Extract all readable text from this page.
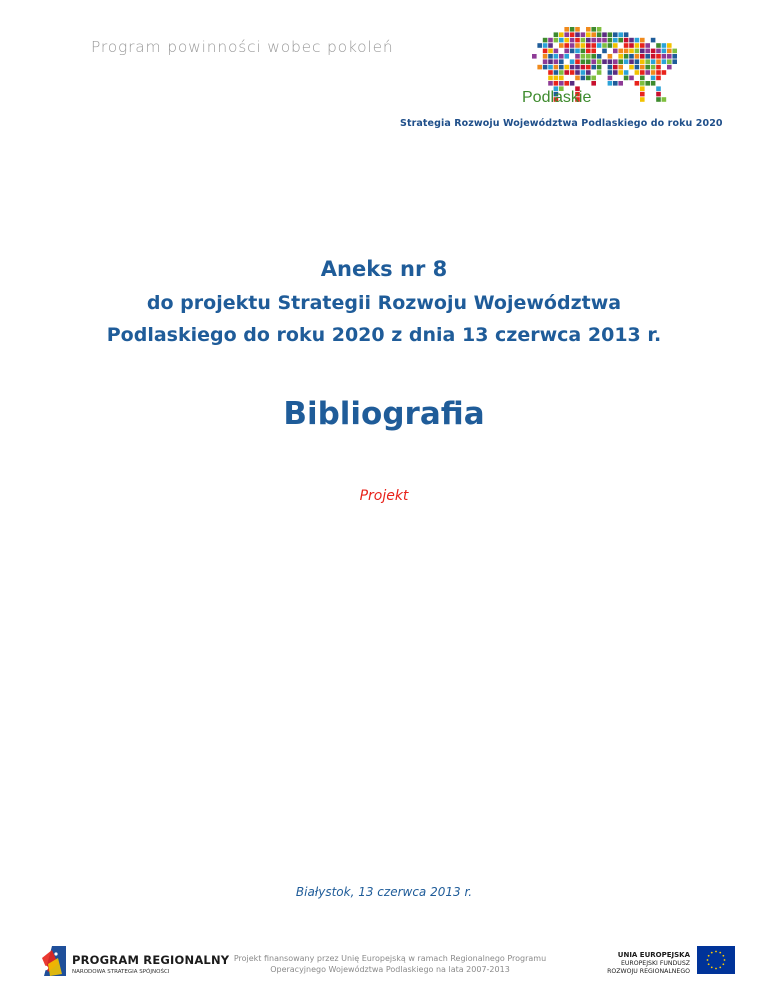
Program powinności wobec pokoleń
Podlaskie
Strategia Rozwoju Województwa Podlaskiego do roku 2020
Aneks nr 8
do projektu Strategii Rozwoju Województwa
Podlaskiego do roku 2020 z dnia 13 czerwca 2013 r.
Bibliografia
Projekt
Białystok, 13 czerwca 2013 r.
PROGRAM REGIONALNY
NARODOWA STRATEGIA SPÓJNOŚCI
Projekt finansowany przez Unię Europejską w ramach Regionalnego Programu
Operacyjnego Województwa Podlaskiego na lata 2007-2013
UNIA EUROPEJSKA
EUROPEJSKI FUNDUSZ
ROZWOJU REGIONALNEGO
